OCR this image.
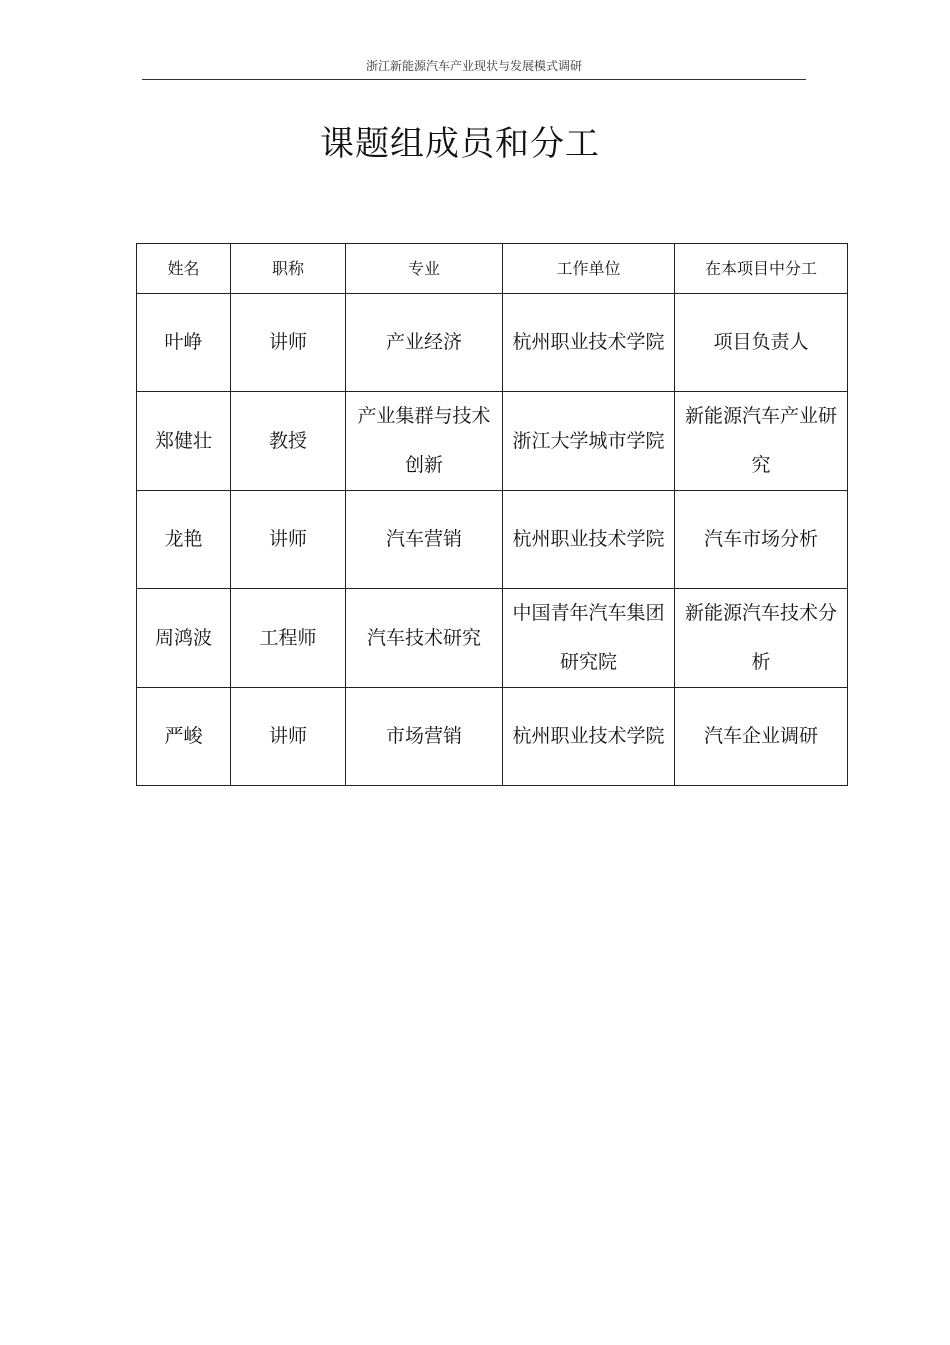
浙江新能源汽车产业现状与发展模式调研
课题组成员和分工
姓名	职称	专业	工作单位	在本项目中分工
叶峥	讲师	产业经济	杭州职业技术学院	项目负责人
郑健壮	教授	产业集群与技术创新	浙江大学城市学院	新能源汽车产业研究
龙艳	讲师	汽车营销	杭州职业技术学院	汽车市场分析
周鸿波	工程师	汽车技术研究	中国青年汽车集团研究院	新能源汽车技术分析
严峻	讲师	市场营销	杭州职业技术学院	汽车企业调研
